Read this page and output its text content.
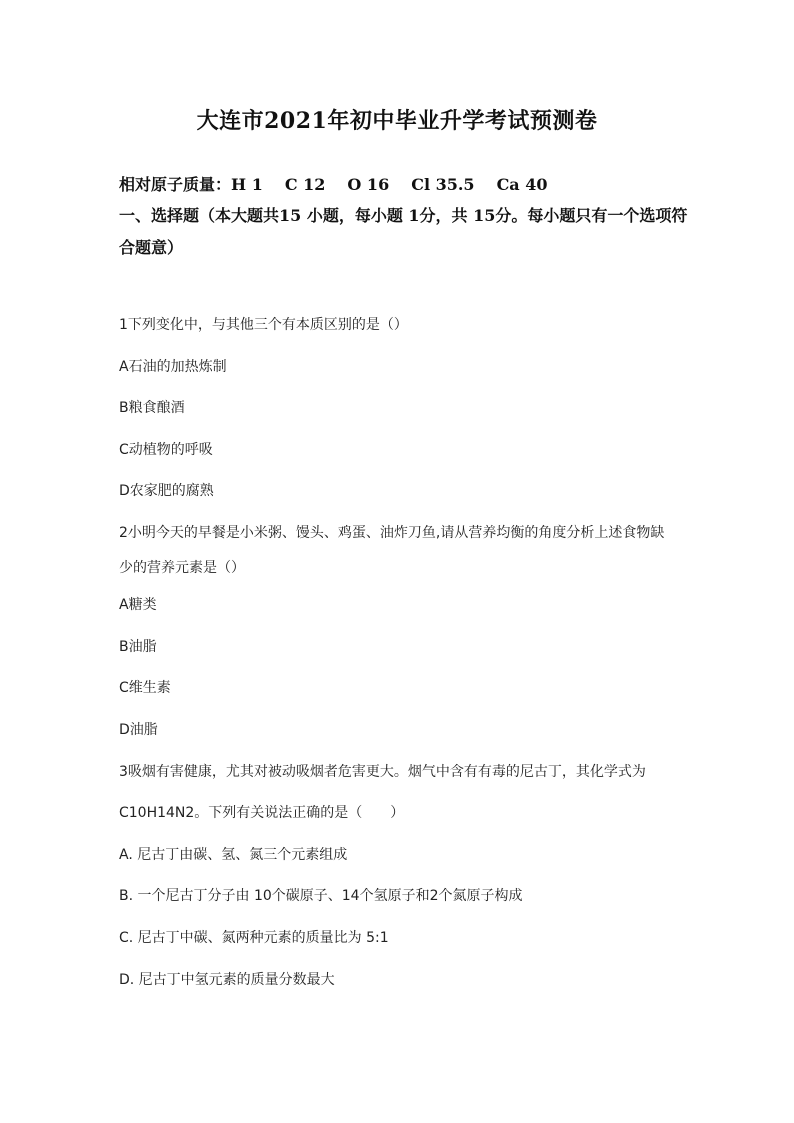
大连市2021年初中毕业升学考试预测卷
相对原子质量：H 1 C 12 O 16 Cl 35.5 Ca 40
一、选择题（本大题共15 小题，每小题 1分，共 15分。每小题只有一个选项符合题意）
1下列变化中，与其他三个有本质区别的是（）
A石油的加热炼制
B粮食酿酒
C动植物的呼吸
D农家肥的腐熟
2小明今天的早餐是小米粥、馒头、鸡蛋、油炸刀鱼,请从营养均衡的角度分析上述食物缺
少的营养元素是（）
A糖类
B油脂
C维生素
D油脂
3吸烟有害健康，尤其对被动吸烟者危害更大。烟气中含有有毒的尼古丁，其化学式为
C10H14N2。下列有关说法正确的是（　　）
A. 尼古丁由碳、氢、氮三个元素组成
B. 一个尼古丁分子由 10个碳原子、14个氢原子和2个氮原子构成
C. 尼古丁中碳、氮两种元素的质量比为 5:1
D. 尼古丁中氢元素的质量分数最大
